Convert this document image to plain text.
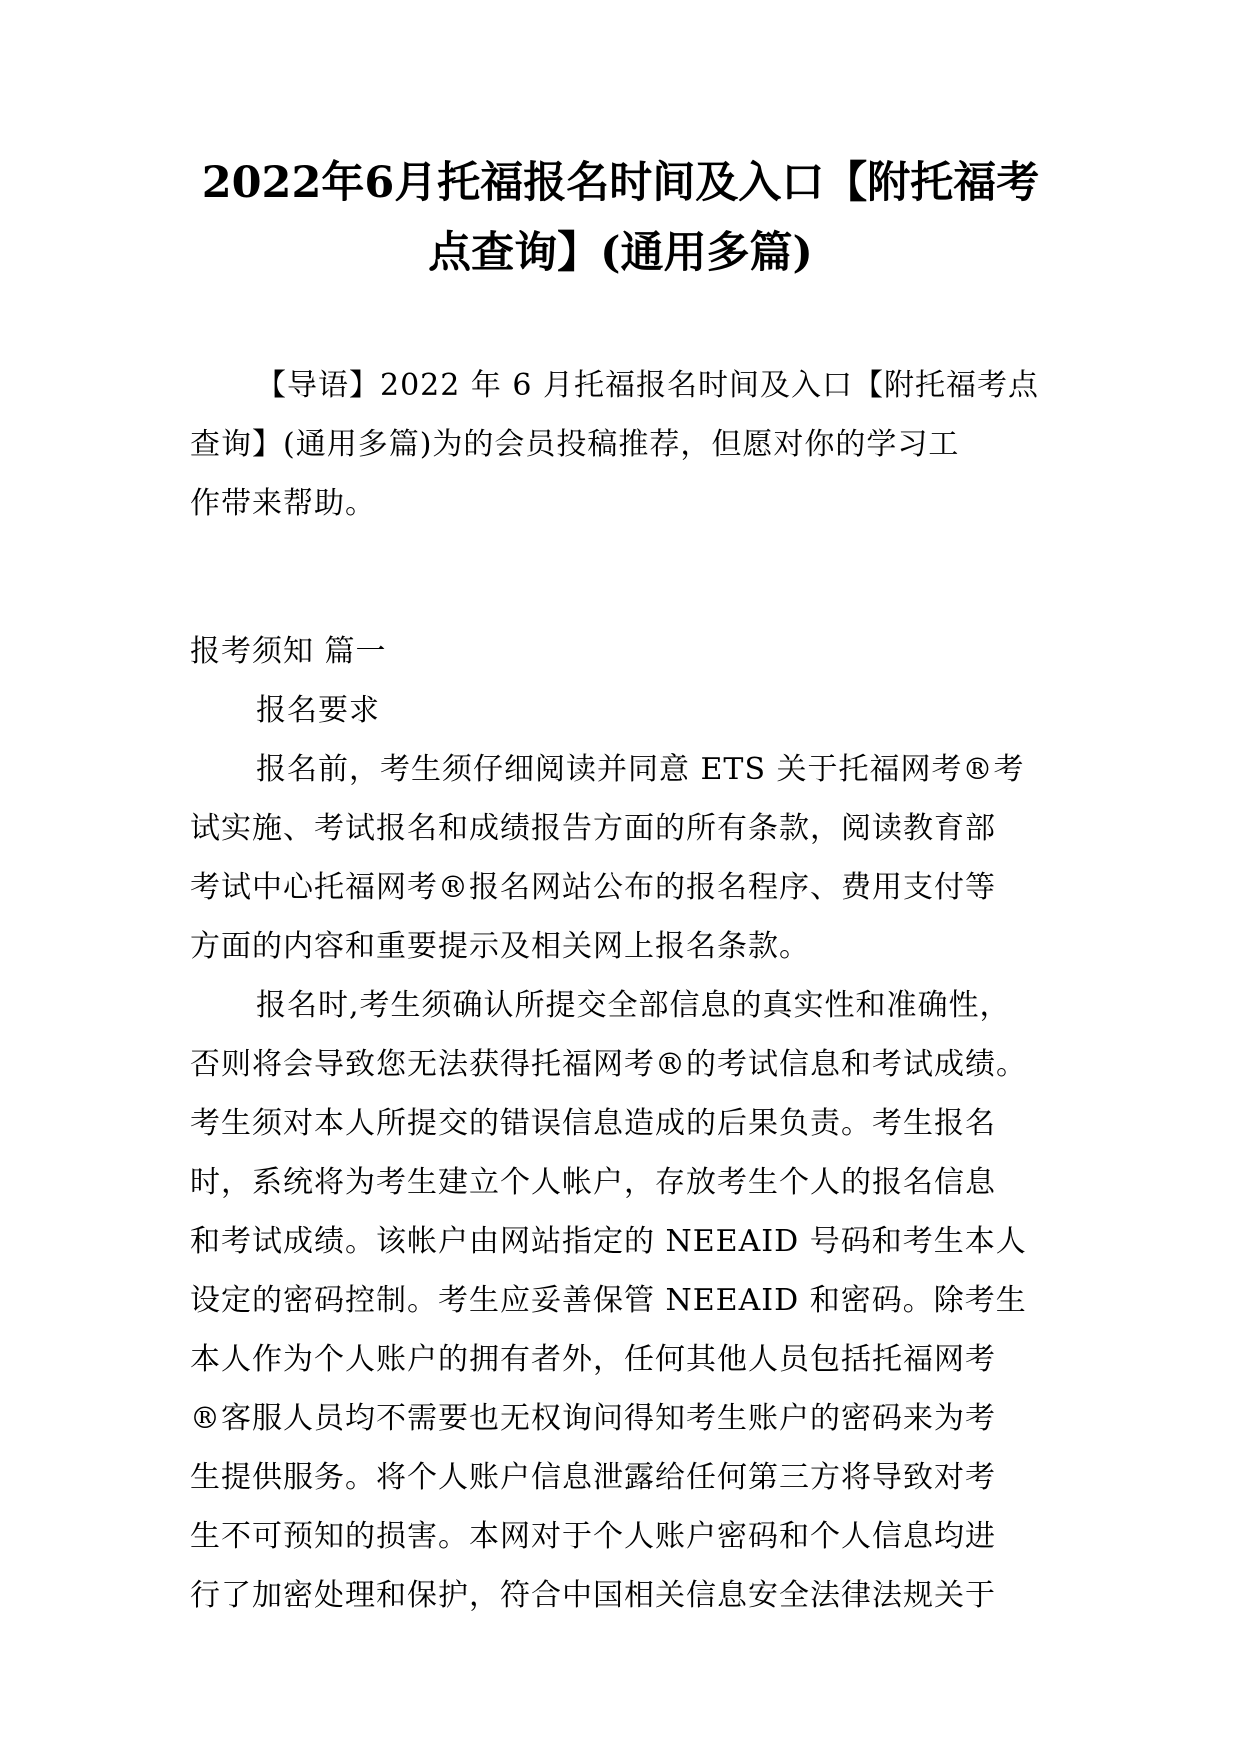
2022年6月托福报名时间及入口【附托福考
点查询】(通用多篇)
【导语】2022 年 6 月托福报名时间及入口【附托福考点
查询】(通用多篇)为的会员投稿推荐，但愿对你的学习工
作带来帮助。
报考须知 篇一
报名要求
报名前，考生须仔细阅读并同意 ETS 关于托福网考®考
试实施、考试报名和成绩报告方面的所有条款，阅读教育部
考试中心托福网考®报名网站公布的报名程序、费用支付等
方面的内容和重要提示及相关网上报名条款。
报名时,考生须确认所提交全部信息的真实性和准确性，
否则将会导致您无法获得托福网考®的考试信息和考试成绩。
考生须对本人所提交的错误信息造成的后果负责。考生报名
时，系统将为考生建立个人帐户，存放考生个人的报名信息
和考试成绩。该帐户由网站指定的 NEEAID 号码和考生本人
设定的密码控制。考生应妥善保管 NEEAID 和密码。除考生
本人作为个人账户的拥有者外，任何其他人员包括托福网考
®客服人员均不需要也无权询问得知考生账户的密码来为考
生提供服务。将个人账户信息泄露给任何第三方将导致对考
生不可预知的损害。本网对于个人账户密码和个人信息均进
行了加密处理和保护，符合中国相关信息安全法律法规关于
